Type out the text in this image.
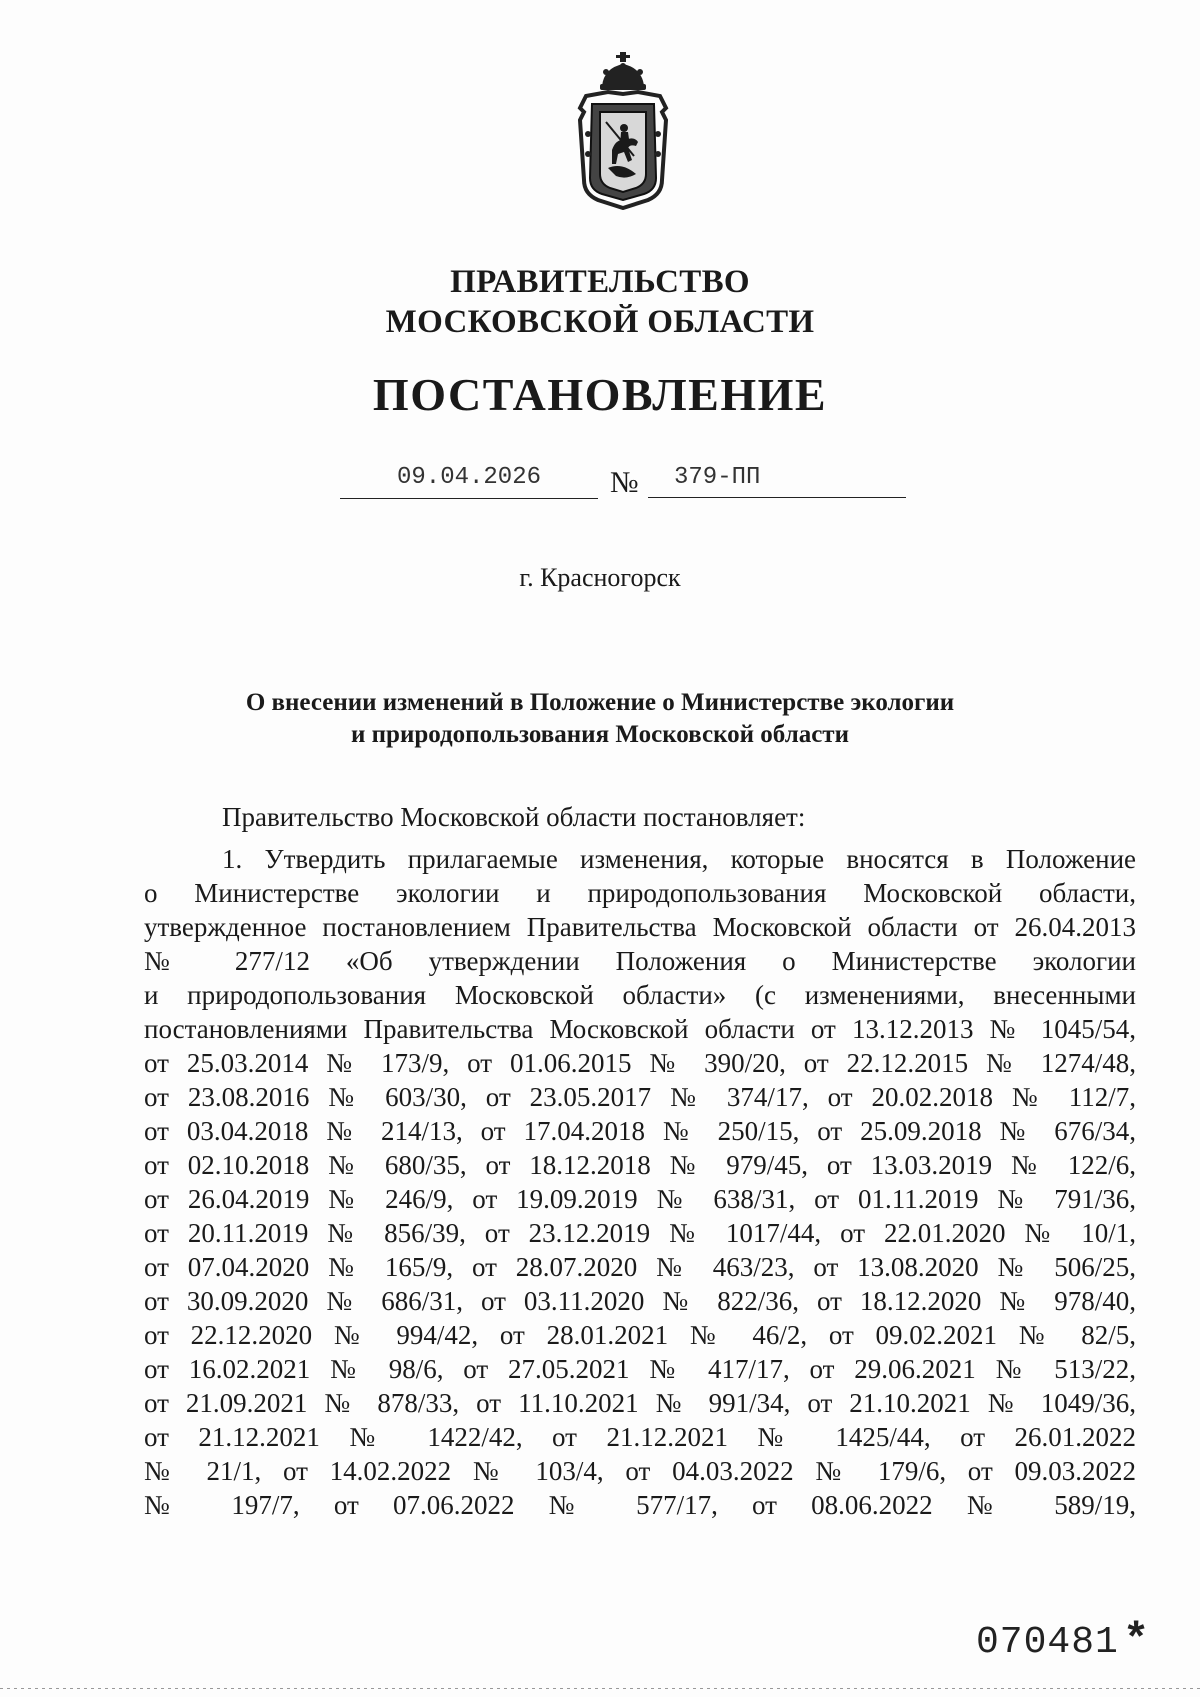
ПРАВИТЕЛЬСТВО
МОСКОВСКОЙ ОБЛАСТИ
ПОСТАНОВЛЕНИЕ
09.04.2026	№	379-ПП
г. Красногорск
О внесении изменений в Положение о Министерстве экологии
и природопользования Московской области
Правительство Московской области постановляет:
1. Утвердить прилагаемые изменения, которые вносятся в Положение
о Министерстве экологии и природопользования Московской области,
утвержденное постановлением Правительства Московской области от 26.04.2013
№ 277/12 «Об утверждении Положения о Министерстве экологии
и природопользования Московской области» (с изменениями, внесенными
постановлениями Правительства Московской области от 13.12.2013 № 1045/54,
от 25.03.2014 № 173/9, от 01.06.2015 № 390/20, от 22.12.2015 № 1274/48,
от 23.08.2016 № 603/30, от 23.05.2017 № 374/17, от 20.02.2018 № 112/7,
от 03.04.2018 № 214/13, от 17.04.2018 № 250/15, от 25.09.2018 № 676/34,
от 02.10.2018 № 680/35, от 18.12.2018 № 979/45, от 13.03.2019 № 122/6,
от 26.04.2019 № 246/9, от 19.09.2019 № 638/31, от 01.11.2019 № 791/36,
от 20.11.2019 № 856/39, от 23.12.2019 № 1017/44, от 22.01.2020 № 10/1,
от 07.04.2020 № 165/9, от 28.07.2020 № 463/23, от 13.08.2020 № 506/25,
от 30.09.2020 № 686/31, от 03.11.2020 № 822/36, от 18.12.2020 № 978/40,
от 22.12.2020 № 994/42, от 28.01.2021 № 46/2, от 09.02.2021 № 82/5,
от 16.02.2021 № 98/6, от 27.05.2021 № 417/17, от 29.06.2021 № 513/22,
от 21.09.2021 № 878/33, от 11.10.2021 № 991/34, от 21.10.2021 № 1049/36,
от 21.12.2021 № 1422/42, от 21.12.2021 № 1425/44, от 26.01.2022
№ 21/1, от 14.02.2022 № 103/4, от 04.03.2022 № 179/6, от 09.03.2022
№ 197/7, от 07.06.2022 № 577/17, от 08.06.2022 № 589/19,
070481*
